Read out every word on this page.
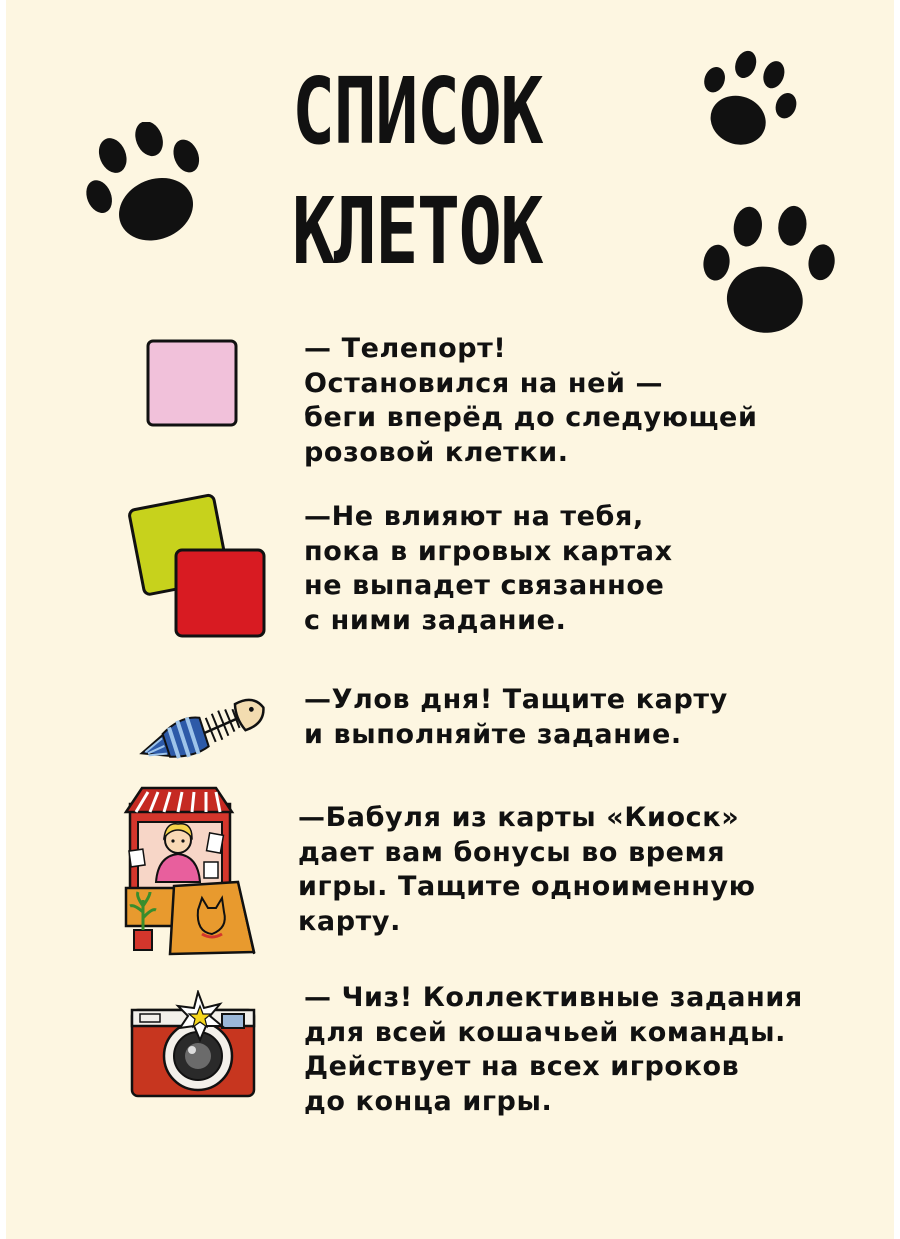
СПИСОК
КЛЕТОК

— Телепорт!
Остановился на ней —
беги вперёд до следующей
розовой клетки.

—Не влияют на тебя,
пока в игровых картах
не выпадет связанное
с ними задание.

—Улов дня! Тащите карту
и выполняйте задание.

—Бабуля из карты «Киоск»
дает вам бонусы во время
игры. Тащите одноименную
карту.

— Чиз! Коллективные задания
для всей кошачьей команды.
Действует на всех игроков
до конца игры.
